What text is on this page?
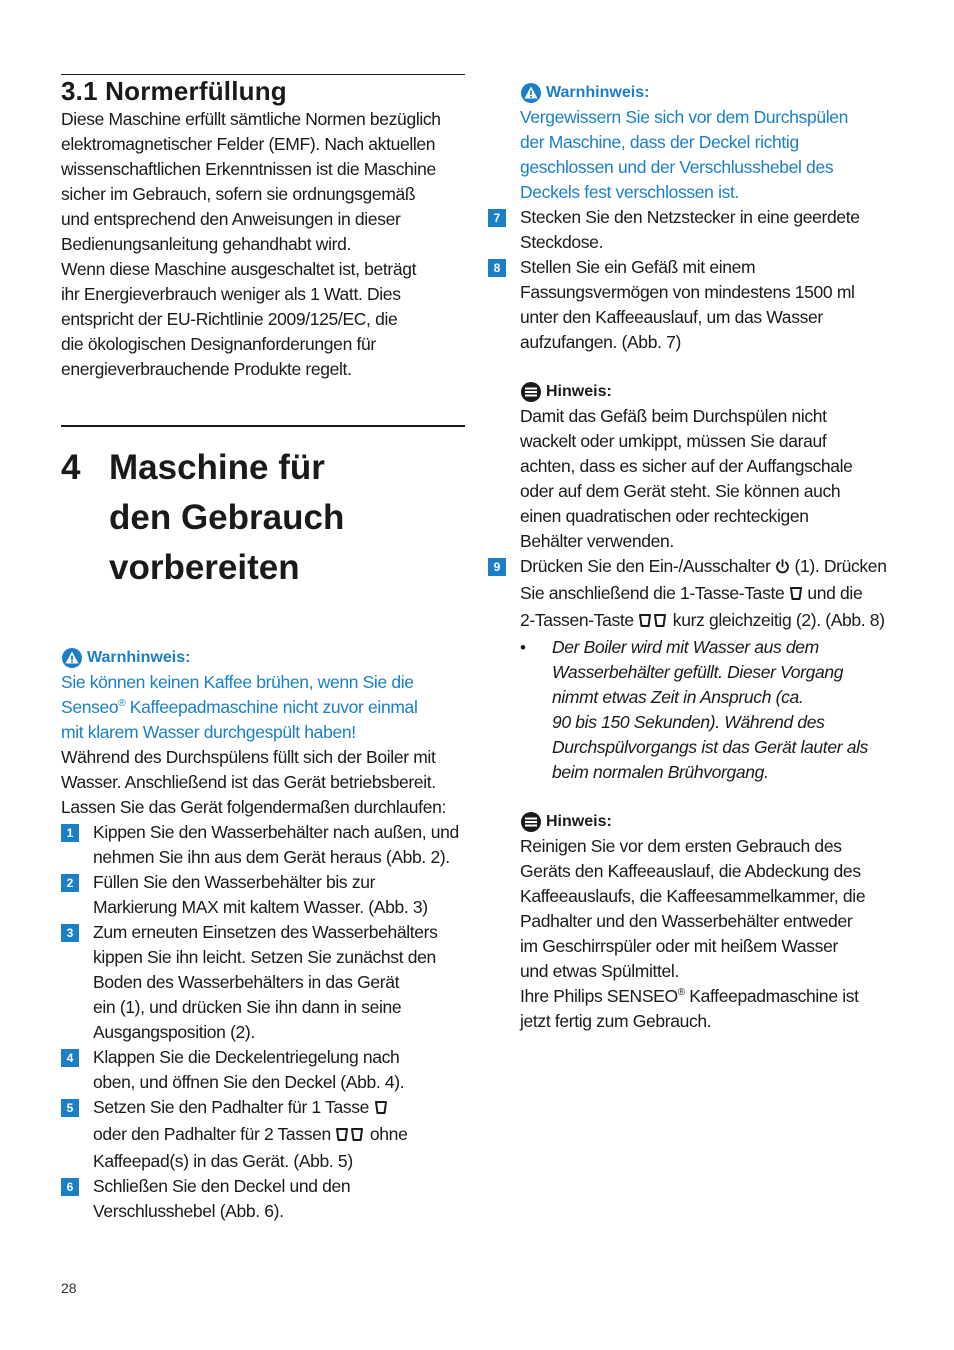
3.1 Normerfüllung
Diese Maschine erfüllt sämtliche Normen bezüglich
elektromagnetischer Felder (EMF). Nach aktuellen
wissenschaftlichen Erkenntnissen ist die Maschine
sicher im Gebrauch, sofern sie ordnungsgemäß
und entsprechend den Anweisungen in dieser
Bedienungsanleitung gehandhabt wird.
Wenn diese Maschine ausgeschaltet ist, beträgt
ihr Energieverbrauch weniger als 1 Watt. Dies
entspricht der EU-Richtlinie 2009/125/EC, die
die ökologischen Designanforderungen für
energieverbrauchende Produkte regelt.
4 Maschine für
den Gebrauch
vorbereiten
Warnhinweis:
Sie können keinen Kaffee brühen, wenn Sie die
Senseo® Kaffeepadmaschine nicht zuvor einmal
mit klarem Wasser durchgespült haben!
Während des Durchspülens füllt sich der Boiler mit
Wasser. Anschließend ist das Gerät betriebsbereit.
Lassen Sie das Gerät folgendermaßen durchlaufen:
1	Kippen Sie den Wasserbehälter nach außen, und
nehmen Sie ihn aus dem Gerät heraus (Abb. 2).
2	Füllen Sie den Wasserbehälter bis zur
Markierung MAX mit kaltem Wasser. (Abb. 3)
3	Zum erneuten Einsetzen des Wasserbehälters
kippen Sie ihn leicht. Setzen Sie zunächst den
Boden des Wasserbehälters in das Gerät
ein (1), und drücken Sie ihn dann in seine
Ausgangsposition (2).
4	Klappen Sie die Deckelentriegelung nach
oben, und öffnen Sie den Deckel (Abb. 4).
5	Setzen Sie den Padhalter für 1 Tasse
oder den Padhalter für 2 Tassen  ohne
Kaffeepad(s) in das Gerät. (Abb. 5)
6	Schließen Sie den Deckel und den
Verschlusshebel (Abb. 6).
Warnhinweis:
Vergewissern Sie sich vor dem Durchspülen
der Maschine, dass der Deckel richtig
geschlossen und der Verschlusshebel des
Deckels fest verschlossen ist.
7	Stecken Sie den Netzstecker in eine geerdete
Steckdose.
8	Stellen Sie ein Gefäß mit einem
Fassungsvermögen von mindestens 1500 ml
unter den Kaffeeauslauf, um das Wasser
aufzufangen. (Abb. 7)
Hinweis:
Damit das Gefäß beim Durchspülen nicht
wackelt oder umkippt, müssen Sie darauf
achten, dass es sicher auf der Auffangschale
oder auf dem Gerät steht. Sie können auch
einen quadratischen oder rechteckigen
Behälter verwenden.
9	Drücken Sie den Ein-/Ausschalter  (1). Drücken
Sie anschließend die 1-Tasse-Taste  und die
2-Tassen-Taste  kurz gleichzeitig (2). (Abb. 8)
• Der Boiler wird mit Wasser aus dem
Wasserbehälter gefüllt. Dieser Vorgang
nimmt etwas Zeit in Anspruch (ca.
90 bis 150 Sekunden). Während des
Durchspülvorgangs ist das Gerät lauter als
beim normalen Brühvorgang.
Hinweis:
Reinigen Sie vor dem ersten Gebrauch des
Geräts den Kaffeeauslauf, die Abdeckung des
Kaffeeauslaufs, die Kaffeesammelkammer, die
Padhalter und den Wasserbehälter entweder
im Geschirrspüler oder mit heißem Wasser
und etwas Spülmittel.
Ihre Philips SENSEO® Kaffeepadmaschine ist
jetzt fertig zum Gebrauch.
28
